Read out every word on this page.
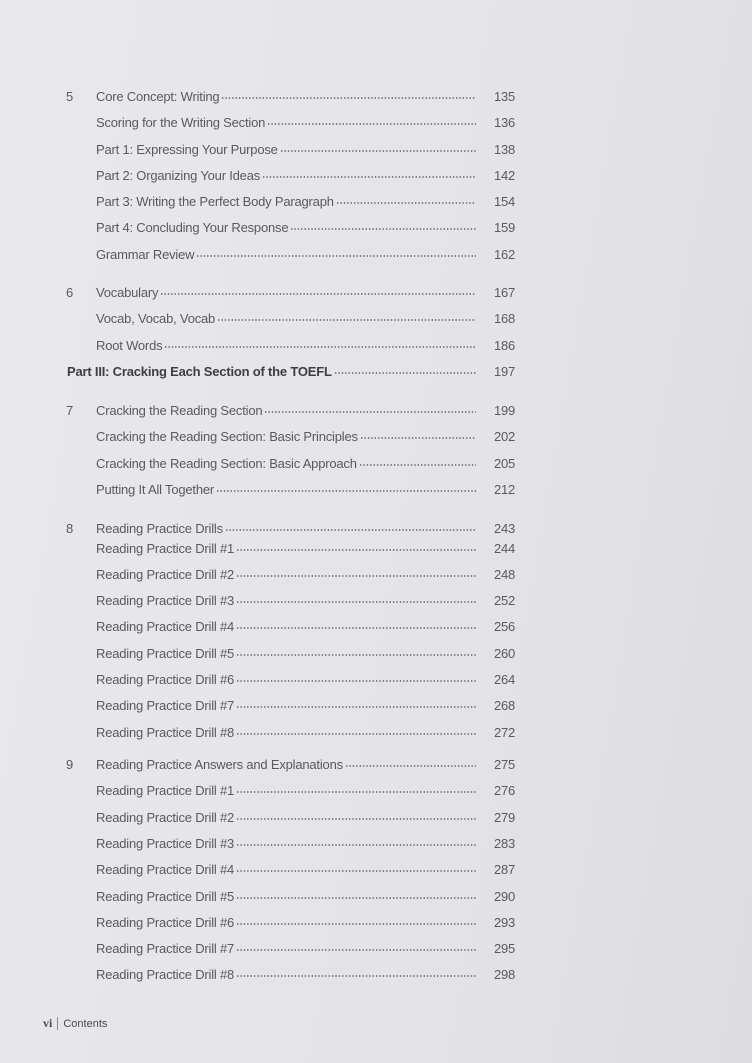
5	Core Concept: Writing	135
Scoring for the Writing Section	136
Part 1: Expressing Your Purpose	138
Part 2: Organizing Your Ideas	142
Part 3: Writing the Perfect Body Paragraph	154
Part 4: Concluding Your Response	159
Grammar Review	162
6	Vocabulary	167
Vocab, Vocab, Vocab	168
Root Words	186
Part III: Cracking Each Section of the TOEFL	197
7	Cracking the Reading Section	199
Cracking the Reading Section: Basic Principles	202
Cracking the Reading Section: Basic Approach	205
Putting It All Together	212
8	Reading Practice Drills	243
Reading Practice Drill #1	244
Reading Practice Drill #2	248
Reading Practice Drill #3	252
Reading Practice Drill #4	256
Reading Practice Drill #5	260
Reading Practice Drill #6	264
Reading Practice Drill #7	268
Reading Practice Drill #8	272
9	Reading Practice Answers and Explanations	275
Reading Practice Drill #1	276
Reading Practice Drill #2	279
Reading Practice Drill #3	283
Reading Practice Drill #4	287
Reading Practice Drill #5	290
Reading Practice Drill #6	293
Reading Practice Drill #7	295
Reading Practice Drill #8	298
vi Contents
